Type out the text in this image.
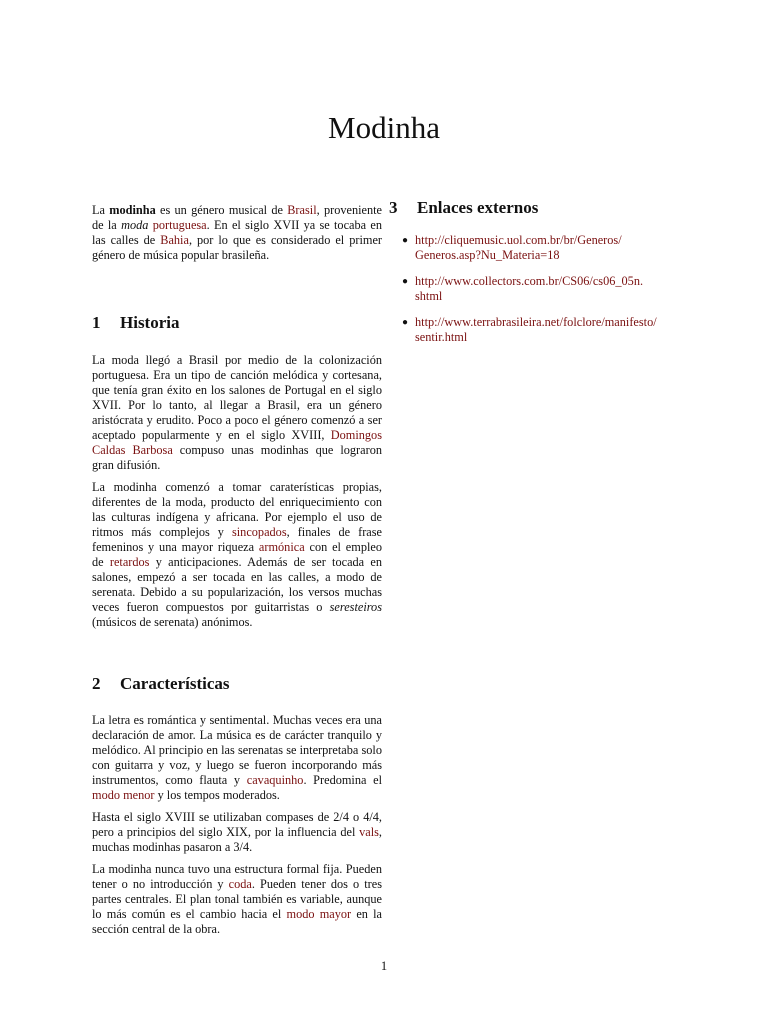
Modinha

La modinha es un género musical de Brasil, proveniente de la moda portuguesa. En el siglo XVII ya se tocaba en las calles de Bahia, por lo que es considerado el primer género de música popular brasileña.

1	Historia

La moda llegó a Brasil por medio de la colonización portuguesa. Era un tipo de canción melódica y cortesana, que tenía gran éxito en los salones de Portugal en el siglo XVII. Por lo tanto, al llegar a Brasil, era un género aristócrata y erudito. Poco a poco el género comenzó a ser aceptado popularmente y en el siglo XVIII, Domingos Caldas Barbosa compuso unas modinhas que lograron gran difusión.

La modinha comenzó a tomar caraterísticas propias, diferentes de la moda, producto del enriquecimiento con las culturas indígena y africana. Por ejemplo el uso de ritmos más complejos y sincopados, finales de frase femeninos y una mayor riqueza armónica con el empleo de retardos y anticipaciones. Además de ser tocada en salones, empezó a ser tocada en las calles, a modo de serenata. Debido a su popularización, los versos muchas veces fueron compuestos por guitarristas o seresteiros (músicos de serenata) anónimos.

2	Características

La letra es romántica y sentimental. Muchas veces era una declaración de amor. La música es de carácter tranquilo y melódico. Al principio en las serenatas se interpretaba solo con guitarra y voz, y luego se fueron incorporando más instrumentos, como flauta y cavaquinho. Predomina el modo menor y los tempos moderados.

Hasta el siglo XVIII se utilizaban compases de 2/4 o 4/4, pero a principios del siglo XIX, por la influencia del vals, muchas modinhas pasaron a 3/4.

La modinha nunca tuvo una estructura formal fija. Pueden tener o no introducción y coda. Pueden tener dos o tres partes centrales. El plan tonal también es variable, aunque lo más común es el cambio hacia el modo mayor en la sección central de la obra.

3	Enlaces externos
● http://cliquemusic.uol.com.br/br/Generos/
Generos.asp?Nu_Materia=18
● http://www.collectors.com.br/CS06/cs06_05n.
shtml
● http://www.terrabrasileira.net/folclore/manifesto/
sentir.html
1
